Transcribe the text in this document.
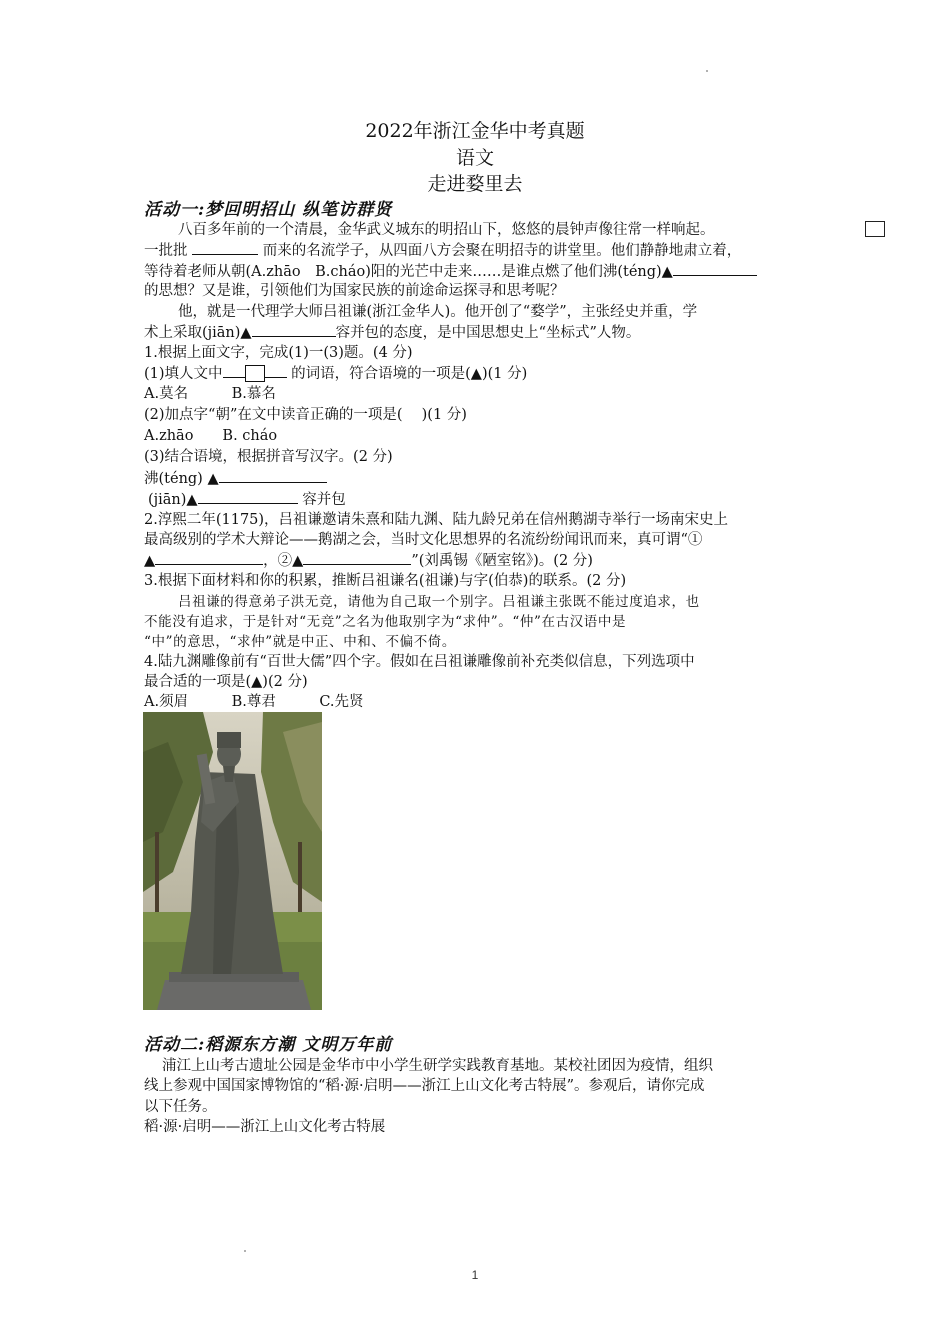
2022年浙江金华中考真题
语文
走进婺里去
活动一:梦回明招山 纵笔访群贤
八百多年前的一个清晨，金华武义城东的明招山下，悠悠的晨钟声像往常一样响起。
一批批	而来的名流学子，从四面八方会聚在明招寺的讲堂里。他们静静地肃立着，
等待着老师从朝(A.zhāo　B.cháo)阳的光芒中走来……是谁点燃了他们沸(téng)▲
的思想？又是谁，引领他们为国家民族的前途命运探寻和思考呢？
他，就是一代理学大师吕祖谦(浙江金华人)。他开创了“婺学”，主张经史并重，学
术上采取(jiān)▲	容并包的态度，是中国思想史上“坐标式”人物。
1.根据上面文字，完成(1)一(3)题。(4 分)
(1)填人文中	的词语，符合语境的一项是(▲)(1 分)
A.莫名　　　B.慕名
(2)加点字“朝”在文中读音正确的一项是(　 )(1 分)
A.zhāo　　B. cháo
(3)结合语境，根据拼音写汉字。(2 分)
沸(téng) ▲
(jiān)▲	容并包
2.淳熙二年(1175)，吕祖谦邀请朱熹和陆九渊、陆九龄兄弟在信州鹅湖寺举行一场南宋史上
最高级别的学术大辩论——鹅湖之会，当时文化思想界的名流纷纷闻讯而来，真可谓“①
▲	，②▲	”(刘禹锡《陋室铭》)。(2 分)
3.根据下面材料和你的积累，推断吕祖谦名(祖谦)与字(伯恭)的联系。(2 分)
吕祖谦的得意弟子洪无竞，请他为自己取一个别字。吕祖谦主张既不能过度追求，也
不能没有追求，于是针对“无竞”之名为他取别字为“求仲”。“仲”在古汉语中是
“中”的意思，“求仲”就是中正、中和、不偏不倚。
4.陆九渊雕像前有“百世大儒”四个字。假如在吕祖谦雕像前补充类似信息，下列选项中
最合适的一项是(▲)(2 分)
A.须眉　　　B.尊君　　　C.先贤
活动二:稻源东方潮 文明万年前
浦江上山考古遗址公园是金华市中小学生研学实践教育基地。某校社团因为疫情，组织
线上参观中国国家博物馆的“稻·源·启明——浙江上山文化考古特展”。参观后，请你完成
以下任务。
稻·源·启明——浙江上山文化考古特展
1
